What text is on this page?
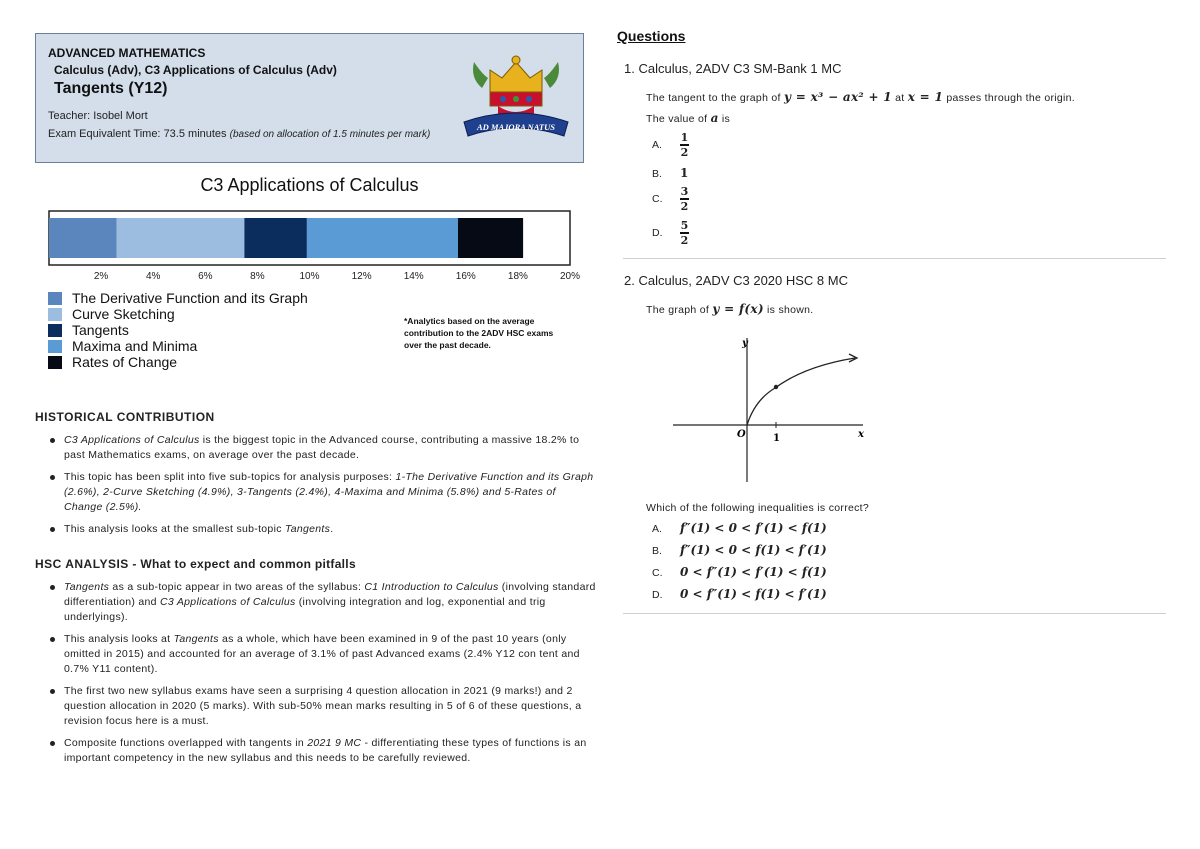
ADVANCED MATHEMATICS
Calculus (Adv), C3 Applications of Calculus (Adv)
Tangents (Y12)
Teacher: Isobel Mort
Exam Equivalent Time: 73.5 minutes (based on allocation of 1.5 minutes per mark)
AD MAJORA NATUS
C3 Applications of Calculus
2%	4%	6%	8%	10%	12%	14%	16%	18%	20%
The Derivative Function and its Graph
Curve Sketching
Tangents
Maxima and Minima
Rates of Change
*Analytics based on the average contribution to the 2ADV HSC exams over the past decade.
HISTORICAL CONTRIBUTION
C3 Applications of Calculus is the biggest topic in the Advanced course, contributing a massive 18.2% to past Mathematics exams, on average over the past decade.
This topic has been split into five sub-topics for analysis purposes: 1-The Derivative Function and its Graph (2.6%), 2-Curve Sketching (4.9%), 3-Tangents (2.4%), 4-Maxima and Minima (5.8%) and 5-Rates of Change (2.5%).
This analysis looks at the smallest sub-topic Tangents.
HSC ANALYSIS - What to expect and common pitfalls
Tangents as a sub-topic appear in two areas of the syllabus: C1 Introduction to Calculus (involving standard differentiation) and C3 Applications of Calculus (involving integration and log, exponential and trig underlyings).
This analysis looks at Tangents as a whole, which have been examined in 9 of the past 10 years (only omitted in 2015) and accounted for an average of 3.1% of past Advanced exams (2.4% Y12 con tent and 0.7% Y11 content).
The first two new syllabus exams have seen a surprising 4 question allocation in 2021 (9 marks!) and 2 question allocation in 2020 (5 marks). With sub-50% mean marks resulting in 5 of 6 of these questions, a revision focus here is a must.
Composite functions overlapped with tangents in 2021 9 MC - differentiating these types of functions is an important competency in the new syllabus and this needs to be carefully reviewed.
Questions
1. Calculus, 2ADV C3 SM-Bank 1 MC
The tangent to the graph of y = x³ − ax² + 1 at x = 1 passes through the origin.
The value of a is
A. $\frac{1}{2}$
B. 1
C. $\frac{3}{2}$
D. $\frac{5}{2}$
2. Calculus, 2ADV C3 2020 HSC 8 MC
The graph of y = f(x) is shown.
y
x
O	1
Which of the following inequalities is correct?
A. f″(1) < 0 < f′(1) < f(1)
B. f″(1) < 0 < f(1) < f′(1)
C. 0 < f″(1) < f′(1) < f(1)
D. 0 < f″(1) < f(1) < f′(1)
